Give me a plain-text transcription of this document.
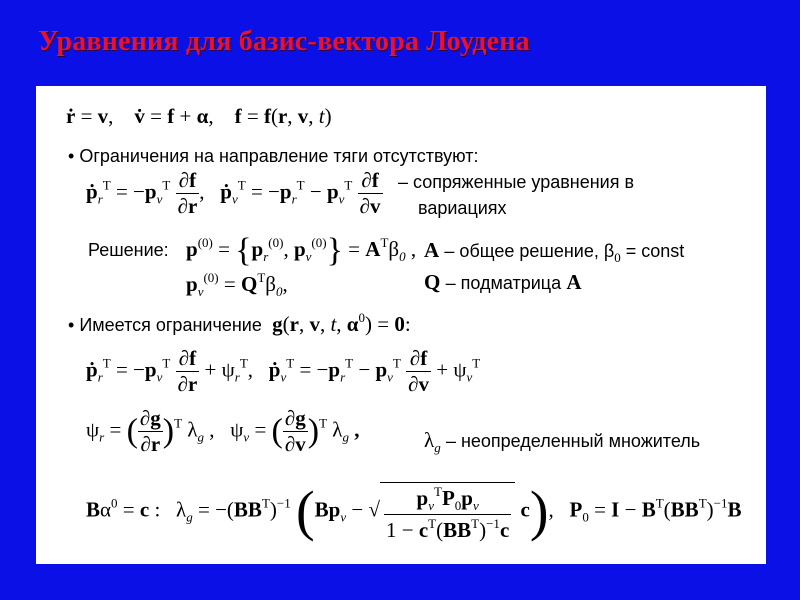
Уравнения для базис-вектора Лоудена
ṙ = v,    v̇ = f + α,    f = f(r, v, t)
• Ограничения на направление тяги отсутствуют:
ṗ$_r^T$ = $-p_v^T \frac{\partial f}{\partial r}$ ,   ṗ$_v^T$ = $-p_r^T - p_v^T \frac{\partial f}{\partial v}$ – сопряженные уравнения в
вариациях
Решение: $p^{(0)} = \{p_r^{(0)}$, $p_v^{(0)}\} = A^T\beta_0$ , A – общее решение, $\beta_0$ = const
$p_v^{(0)} = Q^T\beta_0$,	Q – подматрица A
• Имеется ограничение g(r, v, t, $\alpha^0) = 0$:
ṗ$_r^T$ = $-p_v^T \frac{\partial f}{\partial r} + \psi_r^T$,   ṗ$_v^T$ = $-p_r^T - p_v^T \frac{\partial f}{\partial v} + \psi_v^T$
$\psi_r$ = ( $\frac{\partial g}{\partial r} )^T$ $\lambda_g$ ,   $\psi_v$ = ( $\frac{\partial g}{\partial v} )^T$ $\lambda_g$ ,	$\lambda_g$ – неопределенный множитель
$B\alpha^0 = c$ :   $\lambda_g = -(BB^T)^{-1}$ ($Bp_v$ − √ $\frac{p_v^TP_0p_v}{1 - c^T(BB^T)^{-1}c} c$),   $P_0 = I - B^T(BB^T)^{-1}B$
Shared
